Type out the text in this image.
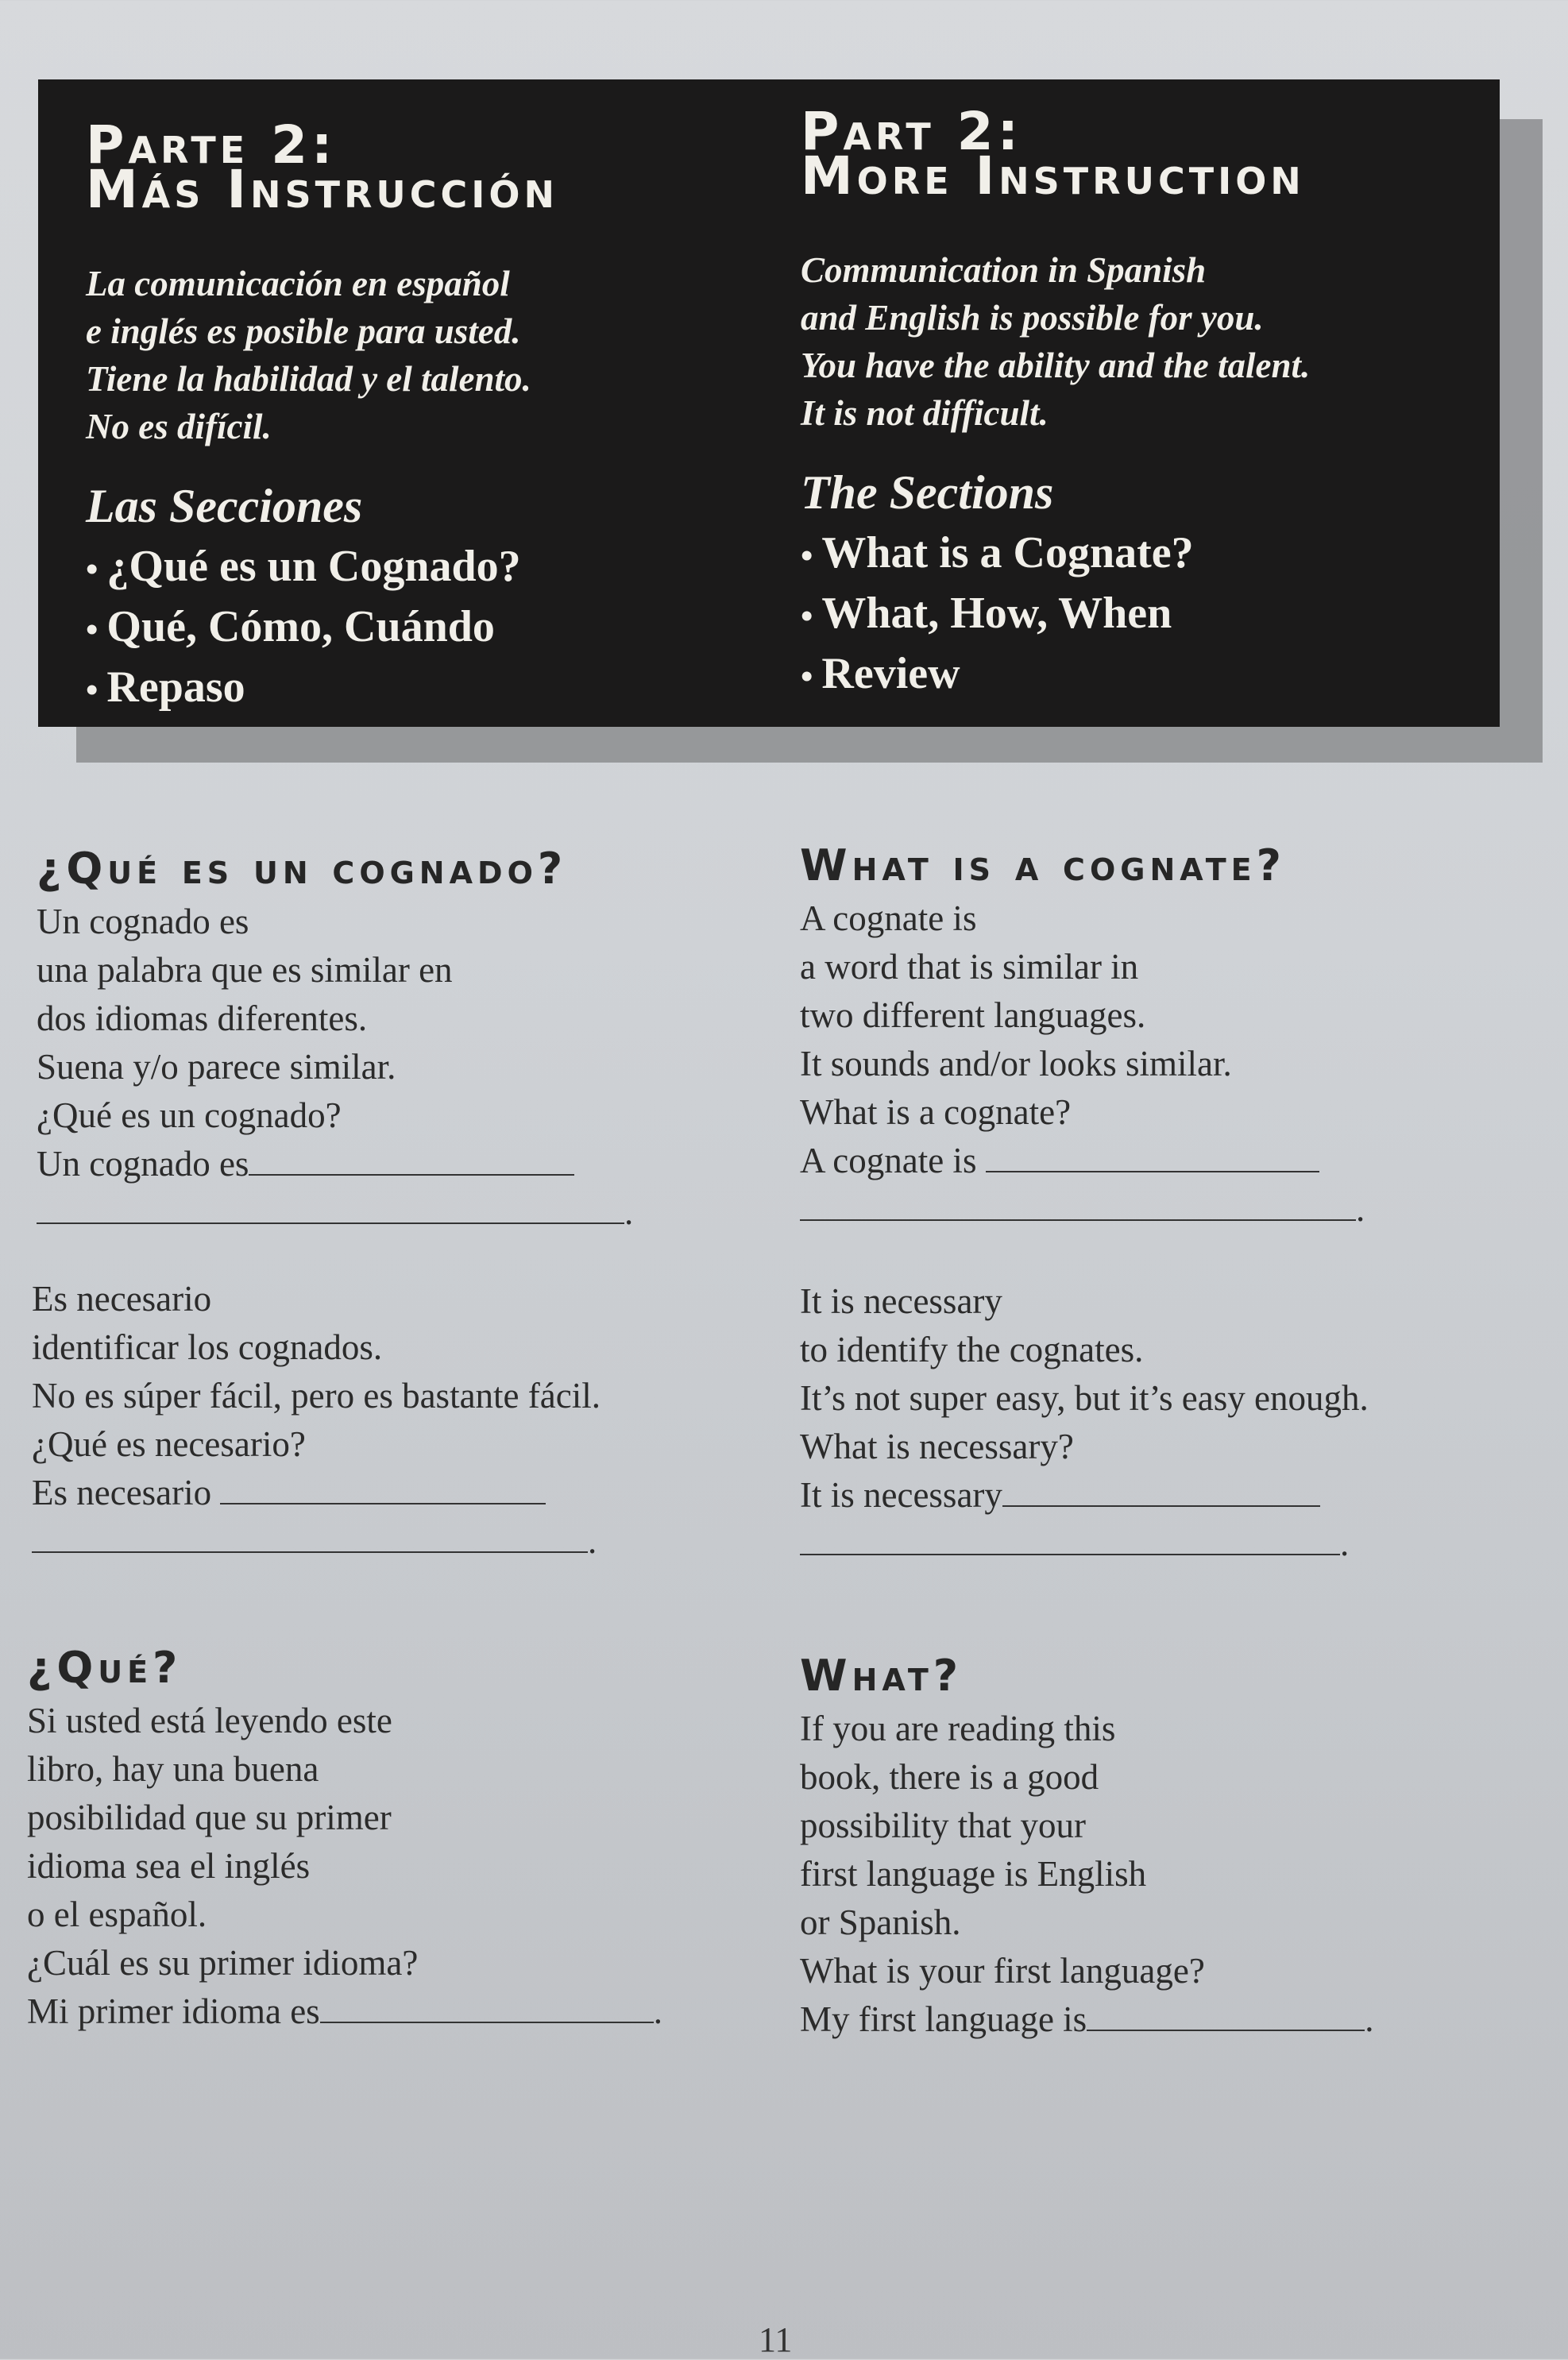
Parte 2:
Más Instrucción
La comunicación en español
e inglés es posible para usted.
Tiene la habilidad y el talento.
No es difícil.
Las Secciones
• ¿Qué es un Cognado?
• Qué, Cómo, Cuándo
• Repaso
Part 2:
More Instruction
Communication in Spanish
and English is possible for you.
You have the ability and the talent.
It is not difficult.
The Sections
• What is a Cognate?
• What, How, When
• Review
¿Qué es un cognado?
Un cognado es
una palabra que es similar en
dos idiomas diferentes.
Suena y/o parece similar.
¿Qué es un cognado?
Un cognado es
.
What is a cognate?
A cognate is
a word that is similar in
two different languages.
It sounds and/or looks similar.
What is a cognate?
A cognate is
.
Es necesario
identificar los cognados.
No es súper fácil, pero es bastante fácil.
¿Qué es necesario?
Es necesario
.
It is necessary
to identify the cognates.
It’s not super easy, but it’s easy enough.
What is necessary?
It is necessary
.
¿Qué?
Si usted está leyendo este
libro, hay una buena
posibilidad que su primer
idioma sea el inglés
o el español.
¿Cuál es su primer idioma?
Mi primer idioma es	.
What?
If you are reading this
book, there is a good
possibility that your
first language is English
or Spanish.
What is your first language?
My first language is	.
11
